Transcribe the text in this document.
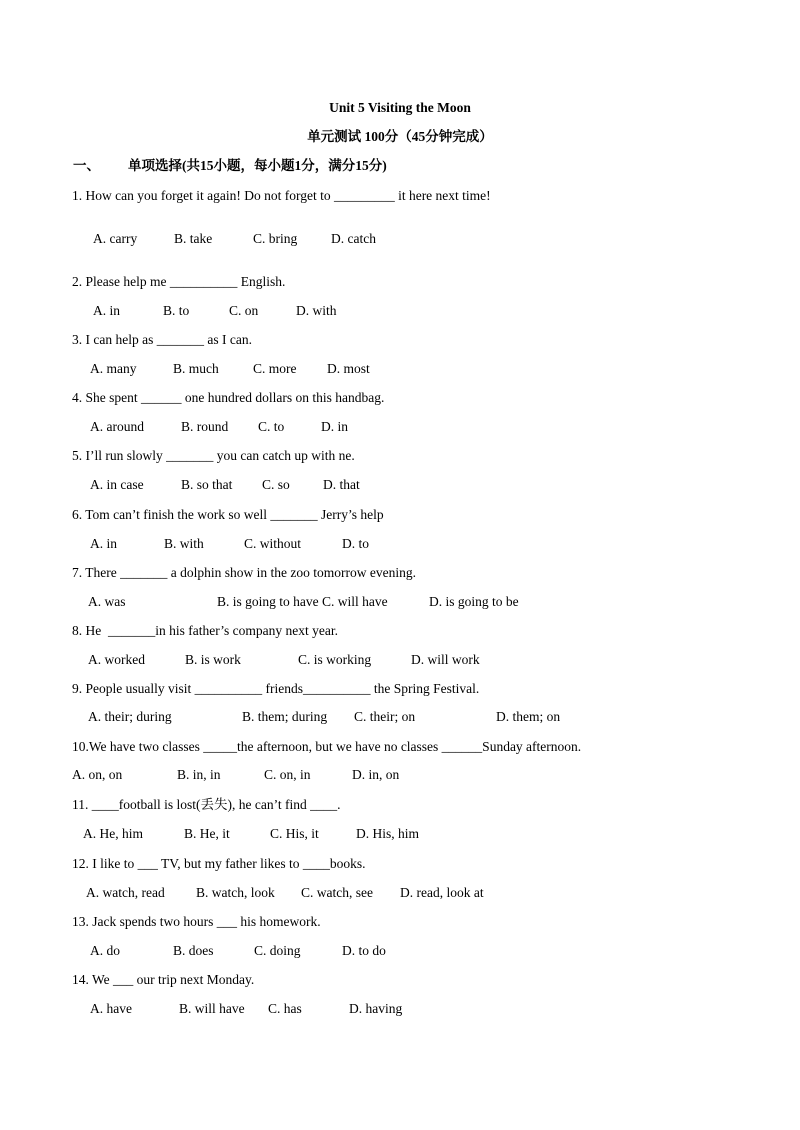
Unit 5 Visiting the Moon
单元测试 100分（45分钟完成）
一、 单项选择(共15小题，每小题1分，满分15分)
1. How can you forget it again! Do not forget to _________ it here next time!
A. carry	B. take	C. bring D. catch
2. Please help me __________ English.
A. in	B. to	C. on	D. with
3. I can help as _______ as I can.
A. many	B. much	C. more D. most
4. She spent ______ one hundred dollars on this handbag.
A. around	B. round C. to	D. in
5. I’ll run slowly _______ you can catch up with ne.
A. in case	B. so that C. so D. that
6. Tom can’t finish the work so well _______ Jerry’s help
A. in	B. with	C. without	D. to
7. There _______ a dolphin show in the zoo tomorrow evening.
A. was	B. is going to have C. will have	D. is going to be
8. He  _______in his father’s company next year.
A. worked	B. is work	C. is working	D. will work
9. People usually visit __________ friends__________ the Spring Festival.
A. their; during	B. them; during C. their; on	D. them; on
10.We have two classes _____the afternoon, but we have no classes ______Sunday afternoon.
A. on, on	B. in, in	C. on, in	D. in, on
11. ____football is lost(丢失), he can’t find ____.
A. He, him	B. He, it	C. His, it	D. His, him
12. I like to ___ TV, but my father likes to ____books.
A. watch, read B. watch, look C. watch, see D. read, look at
13. Jack spends two hours ___ his homework.
A. do	B. does	C. doing	D. to do
14. We ___ our trip next Monday.
A. have	B. will have C. has	D. having
